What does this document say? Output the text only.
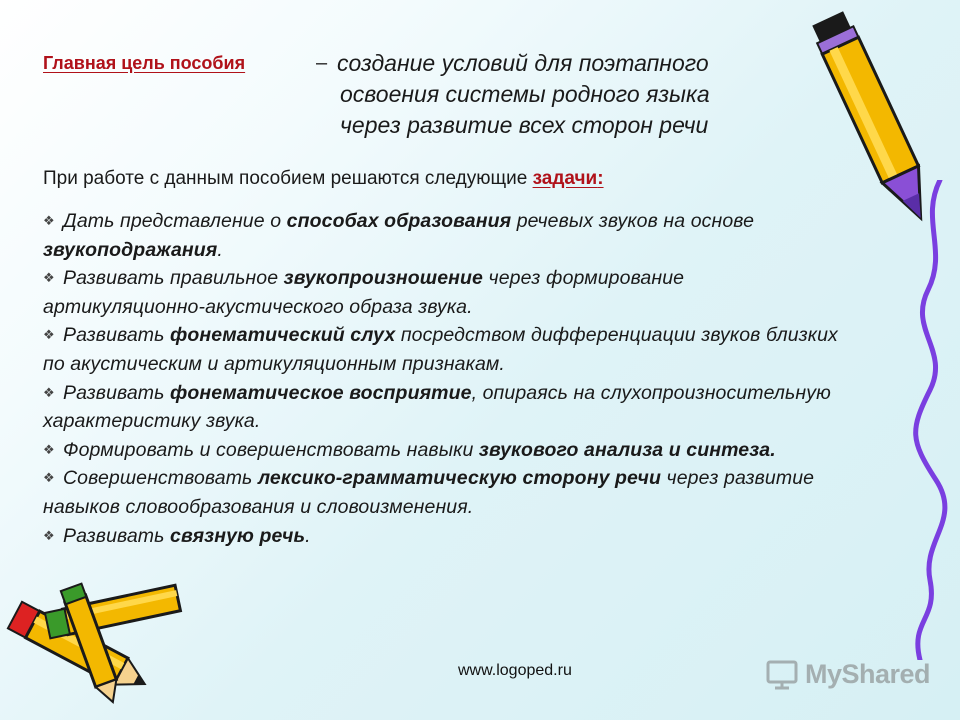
Главная цель пособия	– создание условий для поэтапного
освоения системы родного языка
через развитие всех сторон речи
При работе с данным пособием решаются следующие задачи:
❖ Дать представление о способах образования речевых звуков на основе звукоподражания.
❖ Развивать правильное звукопроизношение через формирование артикуляционно-акустического образа звука.
❖ Развивать фонематический слух посредством дифференциации звуков близких по акустическим и артикуляционным признакам.
❖ Развивать фонематическое восприятие, опираясь на слухопроизносительную характеристику звука.
❖ Формировать и совершенствовать навыки звукового анализа и синтеза.
❖ Совершенствовать лексико-грамматическую сторону речи через развитие навыков словообразования и словоизменения.
❖ Развивать связную речь.
www.logoped.ru	MyShared
